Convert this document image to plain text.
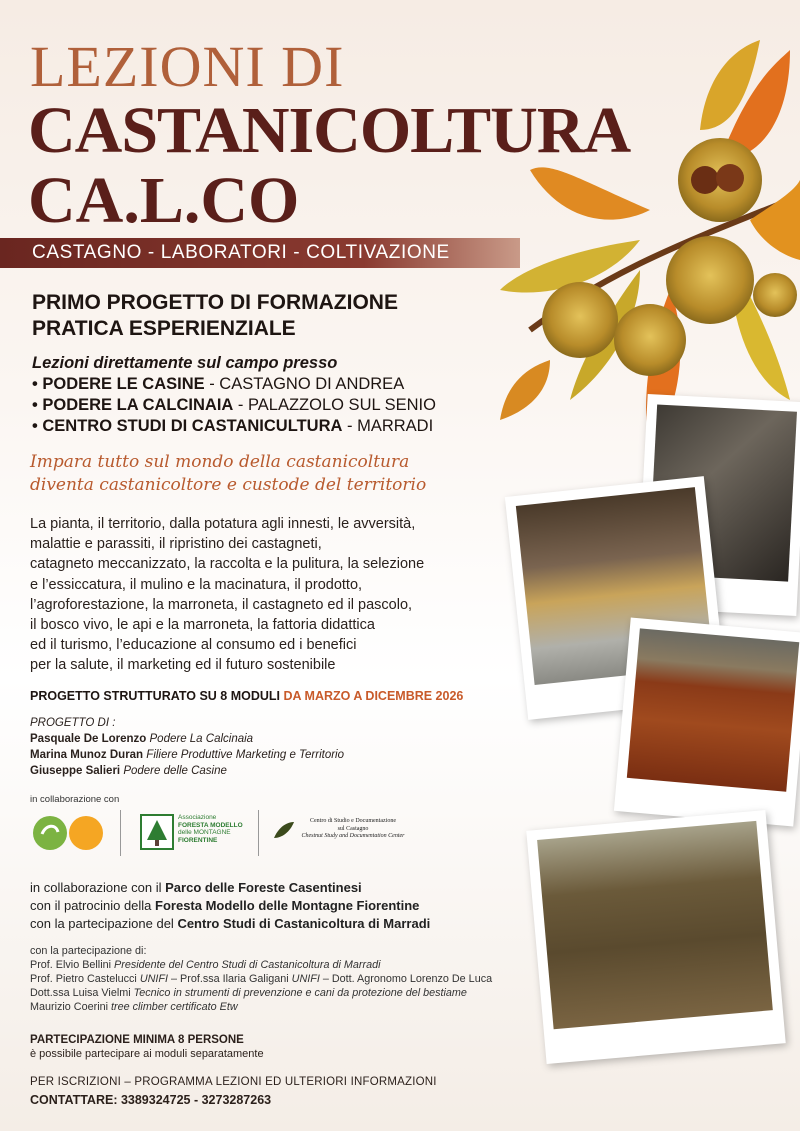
LEZIONI DI
CASTANICOLTURA
CA.L.CO
CASTAGNO - LABORATORI - COLTIVAZIONE
PRIMO PROGETTO DI FORMAZIONE
PRATICA ESPERIENZIALE
Lezioni direttamente sul campo presso
• PODERE LE CASINE - CASTAGNO DI ANDREA
• PODERE LA CALCINAIA - PALAZZOLO SUL SENIO
• CENTRO STUDI DI CASTANICULTURA - MARRADI
Impara tutto sul mondo della castanicoltura
diventa castanicoltore e custode del territorio
La pianta, il territorio, dalla potatura agli innesti, le avversità,
malattie e parassiti, il ripristino dei castagneti,
catagneto meccanizzato, la raccolta e la pulitura, la selezione
e l’essiccatura, il mulino e la macinatura, il prodotto,
l’agroforestazione, la marroneta, il castagneto ed il pascolo,
il bosco vivo, le api e la marroneta, la fattoria didattica
ed il turismo, l’educazione al consumo ed i benefici
per la salute, il marketing ed il futuro sostenibile
PROGETTO STRUTTURATO SU 8 MODULI DA MARZO A DICEMBRE 2026
PROGETTO DI :
Pasquale De Lorenzo Podere La Calcinaia
Marina Munoz Duran Filiere Produttive Marketing e Territorio
Giuseppe Salieri Podere delle Casine
in collaborazione con
Associazione
FORESTA MODELLO
delle MONTAGNE
FIORENTINE
Centro di Studio e Documentazione
sul Castagno
Chestnut Study and Documentation Center
in collaborazione con il Parco delle Foreste Casentinesi
con il patrocinio della Foresta Modello delle Montagne Fiorentine
con la partecipazione del Centro Studi di Castanicoltura di Marradi
con la partecipazione di:
Prof. Elvio Bellini Presidente del Centro Studi di Castanicoltura di Marradi
Prof. Pietro Castelucci UNIFI – Prof.ssa Ilaria Galigani UNIFI – Dott. Agronomo Lorenzo De Luca
Dott.ssa Luisa Vielmi Tecnico in strumenti di prevenzione e cani da protezione del bestiame
Maurizio Coerini tree climber certificato Etw
PARTECIPAZIONE MINIMA 8 PERSONE
è possibile partecipare ai moduli separatamente
PER ISCRIZIONI – PROGRAMMA LEZIONI ED ULTERIORI INFORMAZIONI
CONTATTARE: 3389324725 - 3273287263
